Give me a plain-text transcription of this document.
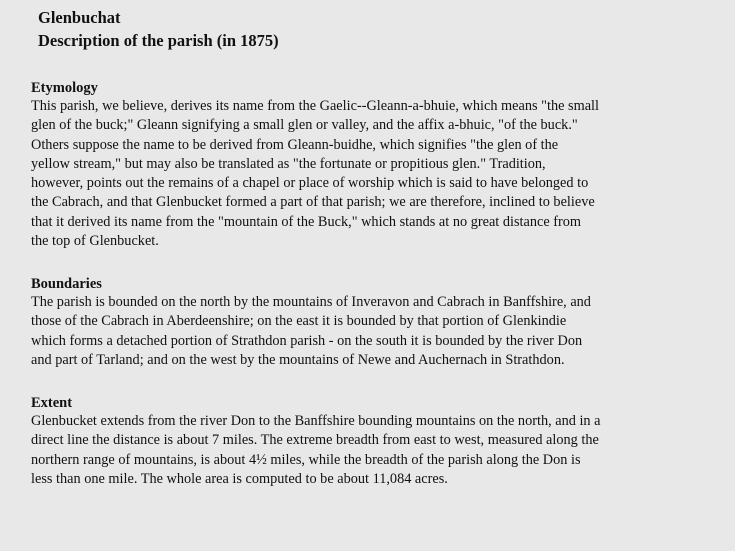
Glenbuchat
Description of the parish (in 1875)
Etymology

This parish, we believe, derives its name from the Gaelic--Gleann-a-bhuie, which means "the small
glen of the buck;" Gleann signifying a small glen or valley, and the affix a-bhuic, "of the buck."
Others suppose the name to be derived from Gleann-buidhe, which signifies "the glen of the
yellow stream," but may also be translated as "the fortunate or propitious glen." Tradition,
however, points out the remains of a chapel or place of worship which is said to have belonged to
the Cabrach, and that Glenbucket formed a part of that parish; we are therefore, inclined to believe
that it derived its name from the "mountain of the Buck," which stands at no great distance from
the top of Glenbucket.

Boundaries

The parish is bounded on the north by the mountains of Inveravon and Cabrach in Banffshire, and
those of the Cabrach in Aberdeenshire; on the east it is bounded by that portion of Glenkindie
which forms a detached portion of Strathdon parish - on the south it is bounded by the river Don
and part of Tarland; and on the west by the mountains of Newe and Auchernach in Strathdon.

Extent

Glenbucket extends from the river Don to the Banffshire bounding mountains on the north, and in a
direct line the distance is about 7 miles. The extreme breadth from east to west, measured along the
northern range of mountains, is about 4½ miles, while the breadth of the parish along the Don is
less than one mile. The whole area is computed to be about 11,084 acres.
